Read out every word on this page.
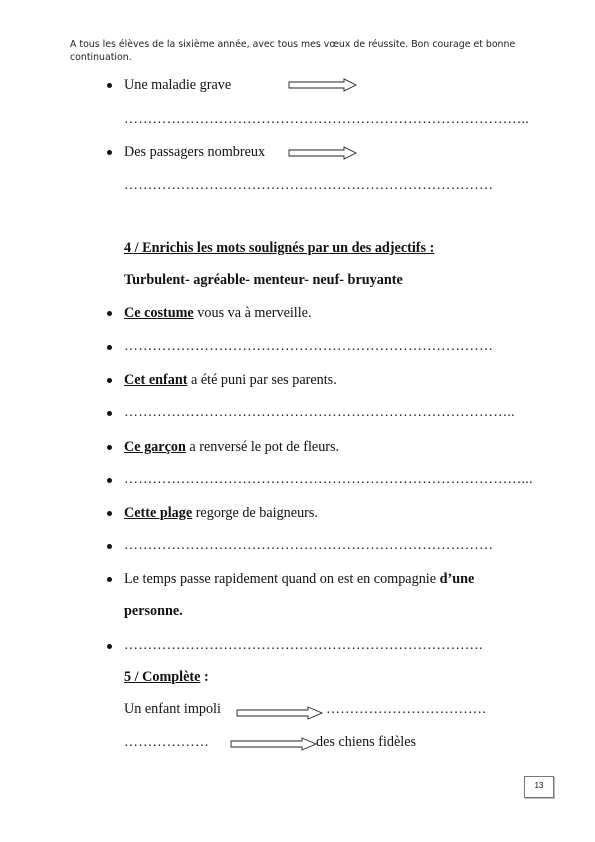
A tous les élèves de la sixième année, avec tous mes vœux de réussite. Bon courage et bonne continuation.
Une maladie grave
…………………………………………………………………………..
Des passagers nombreux
……………………………………………………………………
4 / Enrichis les mots soulignés par un des adjectifs :
Turbulent- agréable- menteur- neuf- bruyante
Ce costume vous va à merveille.
……………………………………………………………………
Cet enfant a été puni par ses parents.
………………………………………………………………………..
Ce garçon a renversé le pot de fleurs.
…………………………………………………………………………...
Cette plage regorge de baigneurs.
……………………………………………………………………
Le temps passe rapidement quand on est en compagnie d’une
personne.
………………………………………………………………….
5 / Complète :
Un enfant impoli	…………………………….
………………	des chiens fidèles
13
